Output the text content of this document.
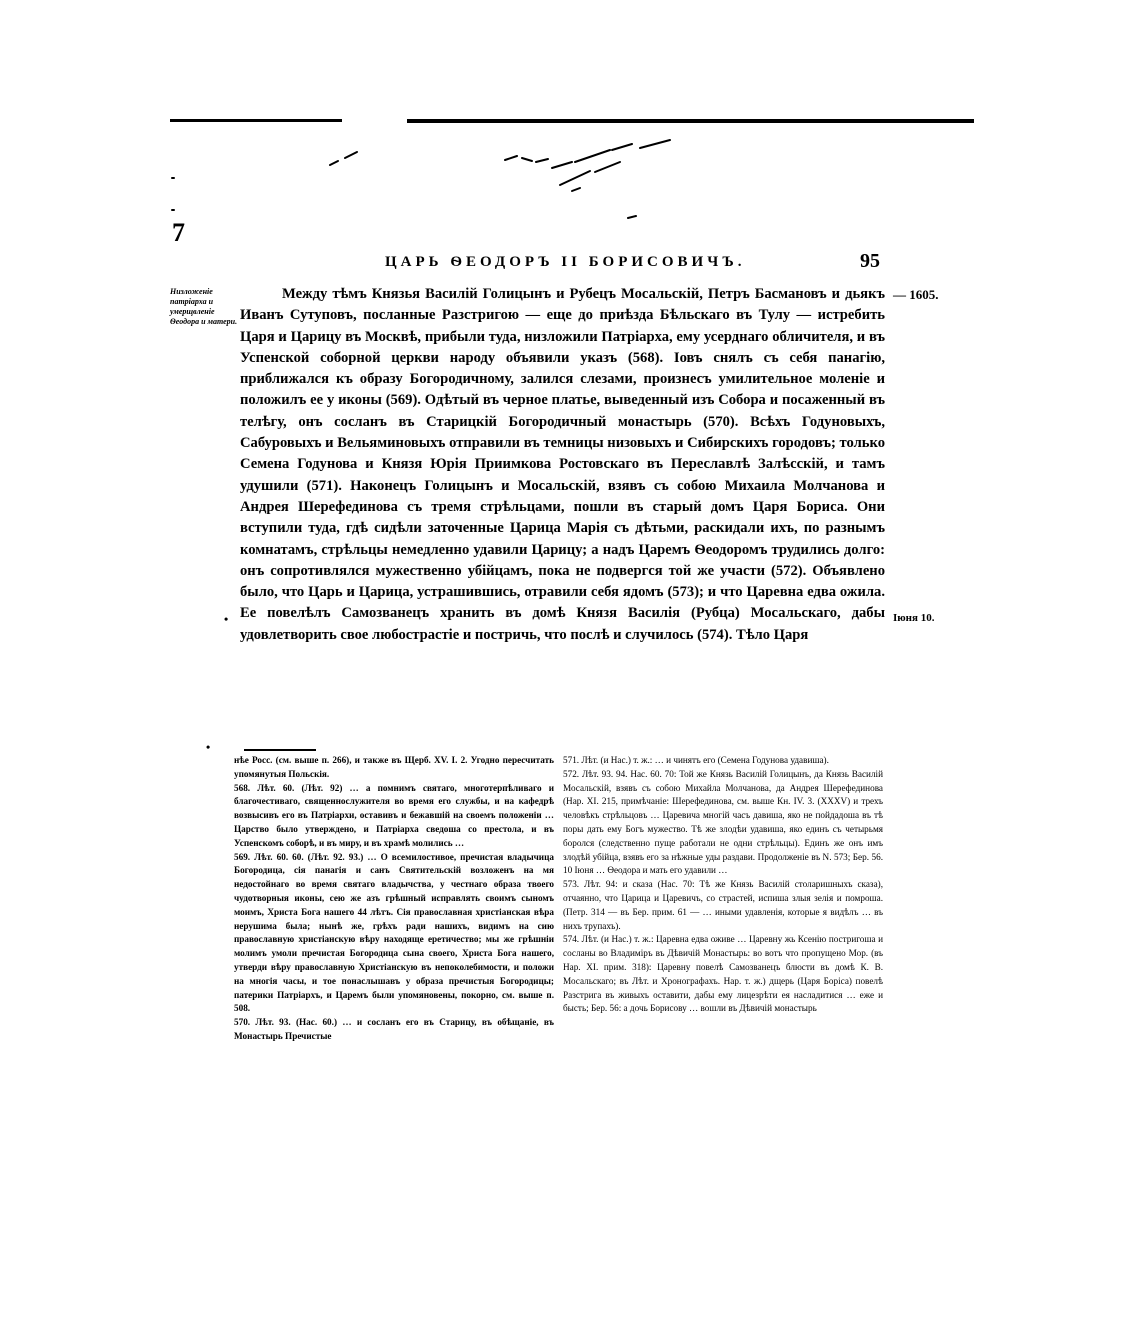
7
ЦАРЬ ѲЕОДОРЪ II БОРИСОВИЧЪ.	95
Низложенiе патрiарха и умерщвленiе Ѳеодора и матери.
— 1605.
Іюня 10.

Между тѣмъ Князья Василiй Голицынъ и Рубецъ Мосальскiй, Петръ Басмановъ и дьякъ Иванъ Сутуповъ, посланные Разстригою — еще до приѣзда Бѣльскаго въ Тулу — истребить Царя и Царицу въ Москвѣ, прибыли туда, низложили Патрiарха, ему усерднаго обличителя, и въ Успенской соборной церкви народу объявили указъ (568). Іовъ снялъ съ себя панагiю, приближался къ образу Богородичному, залился слезами, произнесъ умилительное моленiе и положилъ ее у иконы (569). Одѣтый въ черное платье, выведенный изъ Собора и посаженный въ телѣгу, онъ сосланъ въ Старицкiй Богородичный монастырь (570). Всѣхъ Годуновыхъ, Сабуровыхъ и Вельяминовыхъ отправили въ темницы низовыхъ и Сибирскихъ городовъ; только Семена Годунова и Князя Юрiя Приимкова Ростовскаго въ Переславлѣ Залѣсскiй, и тамъ удушили (571). Наконецъ Голицынъ и Мосальскiй, взявъ съ собою Михаила Молчанова и Андрея Шерефединова съ тремя стрѣльцами, пошли въ старый домъ Царя Бориса. Они вступили туда, гдѣ сидѣли заточенные Царица Марiя съ дѣтьми, раскидали ихъ, по разнымъ комнатамъ, стрѣльцы немедленно удавили Царицу; а надъ Царемъ Ѳеодоромъ трудились долго: онъ сопротивлялся мужественно убiйцамъ, пока не подвергся той же участи (572). Объявлено было, что Царь и Царица, устрашившись, отравили себя ядомъ (573); и что Царевна едва ожила. Ее повелѣлъ Самозванецъ хранить въ домѣ Князя Василiя (Рубца) Мосальскаго, дабы удовлетворить свое любострастiе и постричь, что послѣ и случилось (574). Тѣло Царя

•
•

нѣе Росс. (см. выше п. 266), и также въ Щерб. XV. I. 2. Угодно пересчитать упомянутыя Польскiя.

568. Лѣт. 60. (Лѣт. 92) … а помнимъ святаго, многотерпѣливаго и благочестиваго, священнослужителя во время его службы, и на кафедрѣ возвысивъ его въ Патрiархи, оставивъ и бежавшiй на своемъ положенiи … Царство было утверждено, и Патрiарха сведоша со престола, и въ Успенскомъ соборѣ, и въ миру, и въ храмѣ молились …

569. Лѣт. 60. 60. (Лѣт. 92. 93.) … О всемилостивое, пречистая владычица Богородица, сiя панагiя и санъ Святительскiй возложенъ на мя недостойнаго во время святаго владычства, у честнаго образа твоего чудотворныя иконы, сею же азъ грѣшный исправлять своимъ сыномъ моимъ, Христа Бога нашего 44 лѣтъ. Сiя православная христiанская вѣра нерушима была; нынѣ же, грѣхъ ради нашихъ, видимъ на сию православную христiанскую вѣру находяще еретичество; мы же грѣшнiи молимъ умоли пречистая Богородица сына своего, Христа Бога нашего, утверди вѣру православную Христiанскую въ непоколебимости, и положи на многiя часы, и тое понаслышавъ у образа пречистыя Богородицы; патерики Патрiархъ, и Царемъ были упомяновены, покорно, см. выше п. 508.

570. Лѣт. 93. (Нас. 60.) … и сосланъ его въ Старицу, въ обѣщанiе, въ Монастырь Пречистые

571. Лѣт. (и Нас.) т. ж.: … и чинятъ его (Семена Годунова удавиша).

572. Лѣт. 93. 94. Нас. 60. 70: Той же Князь Василiй Голицынъ, да Князь Василiй Мосальскiй, взявъ съ собою Михайла Молчанова, да Андрея Шерефединова (Нар. XI. 215, примѣчанiе: Шерефединова, см. выше Кн. IV. 3. (XXXV) и трехъ человѣкъ стрѣльцовъ … Царевича многiй часъ давиша, яко не пойдадоша въ тѣ поры дать ему Богъ мужество. Тѣ же злодѣи удавиша, яко единъ съ четырьмя боролся (следственно пуще работали не одни стрѣльцы). Единъ же онъ имъ злодѣй убiйца, взявъ его за нѣжные уды раздави. Продолженiе въ N. 573; Бер. 56. 10 Iюня … Ѳеодора и мать его удавили …

573. Лѣт. 94: и сказа (Нас. 70: Тѣ же Князь Василiй столаришныхъ сказа), отчаянно, что Царица и Царевичъ, со страстей, испиша злыя зелiя и помроша. (Петр. 314 — въ Бер. прим. 61 — … иными удавленiя, которые я видѣлъ … въ нихъ трупахъ).

574. Лѣт. (и Нас.) т. ж.: Царевна едва оживе … Царевну жь Ксенiю постригоша и сосланы во Владимiръ въ Дѣвичiй Монастырь: во вотъ что пропущено Мор. (въ Нар. XI. прим. 318): Царевну повелѣ Самозванецъ блюсти въ домѣ К. В. Мосальскаго; въ Лѣт. и Хронографахъ. Нар. т. ж.) дщерь (Царя Борiса) повелѣ Разстрига въ живыхъ оставити, дабы ему лицезрѣти ея насладитися … еже и бысть; Бер. 56: а дочь Борисову … вошли въ Дѣвичiй монастырь
